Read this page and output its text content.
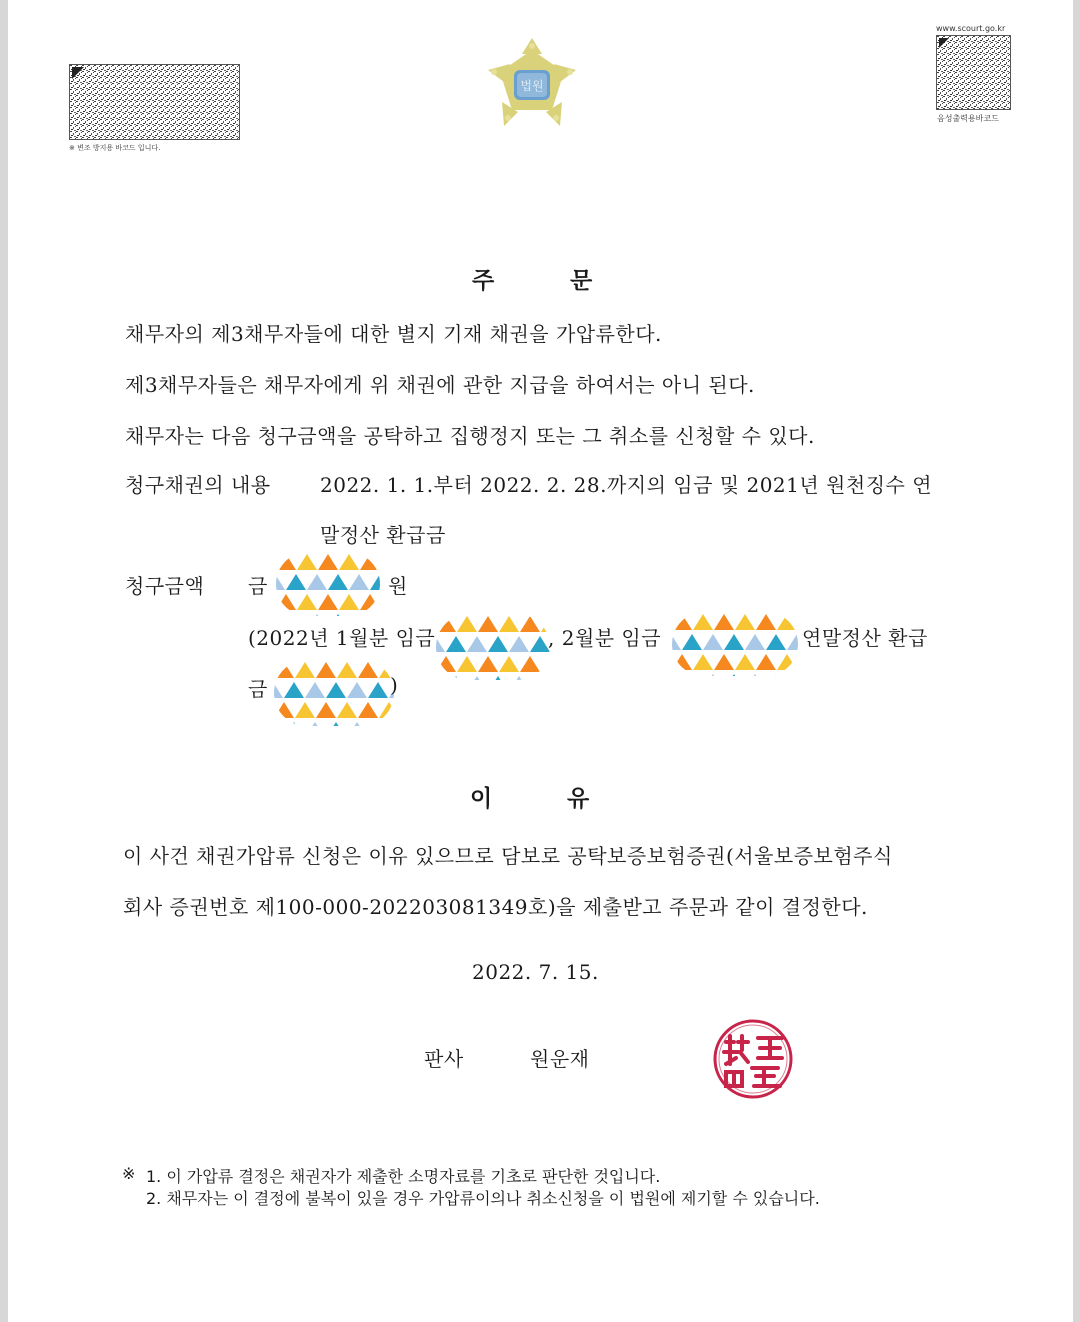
※ 변조 방지용 바코드 입니다.
법원
www.scourt.go.kr
음성출력용바코드
주	문
채무자의 제3채무자들에 대한 별지 기재 채권을 가압류한다.
제3채무자들은 채무자에게 위 채권에 관한 지급을 하여서는 아니 된다.
채무자는 다음 청구금액을 공탁하고 집행정지 또는 그 취소를 신청할 수 있다.
청구채권의 내용 2022. 1. 1.부터 2022. 2. 28.까지의 임금 및 2021년 원천징수 연
말정산 환급금
청구금액 금	원
(2022년 1월분 임금	, 2월분 임금	연말정산 환급
금	)
이	유
이 사건 채권가압류 신청은 이유 있으므로 담보로 공탁보증보험증권(서울보증보험주식
회사 증권번호 제100-000-202203081349호)을 제출받고 주문과 같이 결정한다.
2022. 7. 15.
판사	원운재
※ 1. 이 가압류 결정은 채권자가 제출한 소명자료를 기초로 판단한 것입니다.
2. 채무자는 이 결정에 불복이 있을 경우 가압류이의나 취소신청을 이 법원에 제기할 수 있습니다.
